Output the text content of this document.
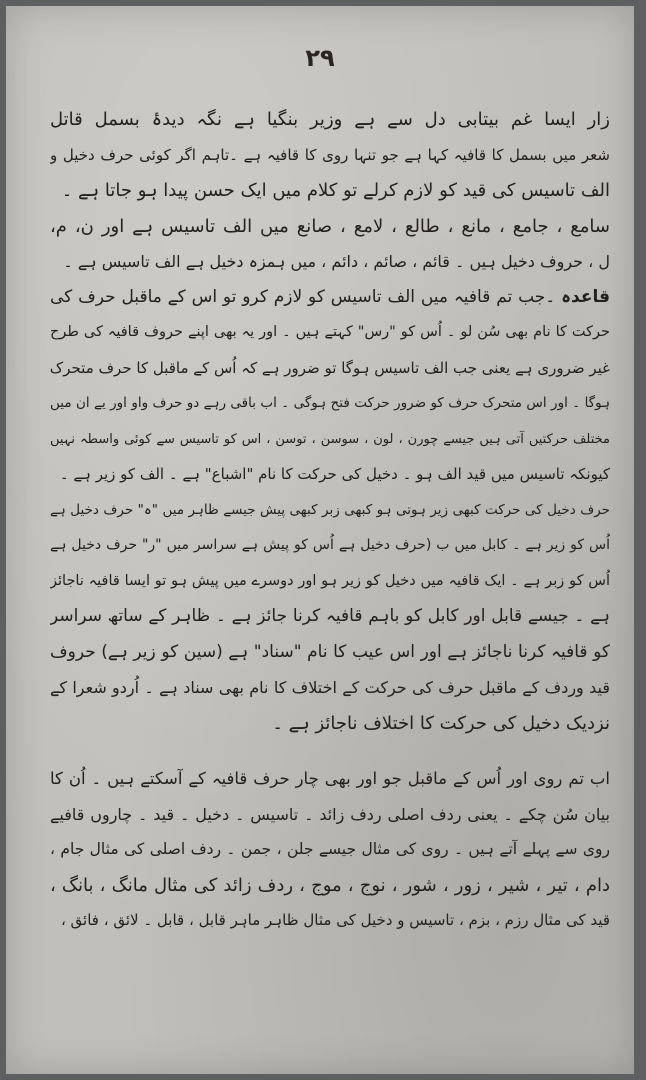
۲۹
زار ایسا غم بیتابی دل سے ہے وزیر بنگیا ہے نگہ دیدۂ بسمل قاتل
شعر میں بسمل کا قافیہ کہا ہے جو تنہا روی کا قافیہ ہے ۔تاہم اگر کوئی حرف دخیل و
الف تاسیس کی قید کو لازم کرلے تو کلام میں ایک حسن پیدا ہو جاتا ہے ۔
سامع ، جامع ، مانع ، طالع ، لامع ، صانع میں الف تاسیس ہے اور ن، م،
ل ، حروف دخیل ہیں ۔ قائم ، صائم ، دائم ، میں ہمزہ دخیل ہے الف تاسیس ہے ۔
قاعدہ ۔جب تم قافیہ میں الف تاسیس کو لازم کرو تو اس کے ماقبل حرف کی
حرکت کا نام بھی سُن لو ۔ اُس کو "رس" کہتے ہیں ۔ اور یہ بھی اپنے حروف قافیہ کی طرح
غیر ضروری ہے یعنی جب الف تاسیس ہوگا تو ضرور ہے کہ اُس کے ماقبل کا حرف متحرک
ہوگا ۔ اور اس متحرک حرف کو ضرور حرکت فتح ہوگی ۔ اب باقی رہے دو حرف واو اور یے ان میں
مختلف حرکتیں آتی ہیں جیسے چورن ، لون ، سوسن ، توسن ، اس کو تاسیس سے کوئی واسطہ نہیں
کیونکہ تاسیس میں قید الف ہو ۔ دخیل کی حرکت کا نام "اشباع" ہے ۔ الف کو زیر ہے ۔
حرف دخیل کی حرکت کبھی زیر ہوتی ہو کبھی زبر کبھی پیش جیسے ظاہر میں "ہ" حرف دخیل ہے
اُس کو زیر ہے ۔ کابل میں ب (حرف دخیل ہے اُس کو پیش ہے سراسر میں "ر" حرف دخیل ہے
اُس کو زبر ہے ۔ ایک قافیہ میں دخیل کو زیر ہو اور دوسرے میں پیش ہو تو ایسا قافیہ ناجائز
ہے ۔ جیسے قابل اور کابل کو باہم قافیہ کرنا جائز ہے ۔ ظاہر کے ساتھ سراسر
کو قافیہ کرنا ناجائز ہے اور اس عیب کا نام "سناد" ہے (سین کو زیر ہے) حروف
قید وردف کے ماقبل حرف کی حرکت کے اختلاف کا نام بھی سناد ہے ۔ اُردو شعرا کے
نزدیک دخیل کی حرکت کا اختلاف ناجائز ہے ۔
اب تم روی اور اُس کے ماقبل جو اور بھی چار حرف قافیہ کے آسکتے ہیں ۔ اُن کا
بیان سُن چکے ۔ یعنی ردف اصلی ردف زائد ۔ تاسیس ۔ دخیل ۔ قید ۔ چاروں قافیے
روی سے پہلے آتے ہیں ۔ روی کی مثال جیسے جلن ، جمن ۔ ردف اصلی کی مثال جام ،
دام ، تیر ، شیر ، زور ، شور ، نوج ، موج ، ردف زائد کی مثال مانگ ، بانگ ،
قید کی مثال رزم ، بزم ، تاسیس و دخیل کی مثال ظاہر ماہر قابل ، قابل ۔ لائق ، فائق ،
